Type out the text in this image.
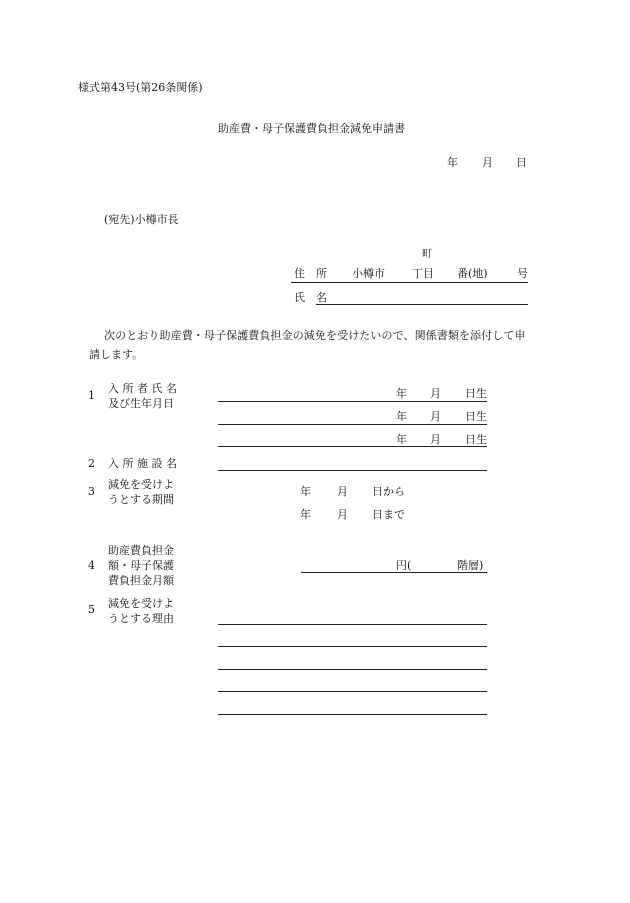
様式第43号(第26条関係)
助産費・母子保護費負担金減免申請書
年 月 日
(宛先)小樽市長
町
住　所 小樽市 丁目 番(地)	号
氏　名
次のとおり助産費・母子保護費負担金の減免を受けたいので、関係書類を添付して申
請します。
1
入 所 者 氏 名
及び生年月日
年 月 日生
年 月 日生
年 月 日生
2 入 所 施 設 名
3
減免を受けよ
うとする期間
年 月 日から
年 月 日まで
助産費負担金
4 額・母子保護
費負担金月額
円(	階層)
5 減免を受けよ
うとする理由
